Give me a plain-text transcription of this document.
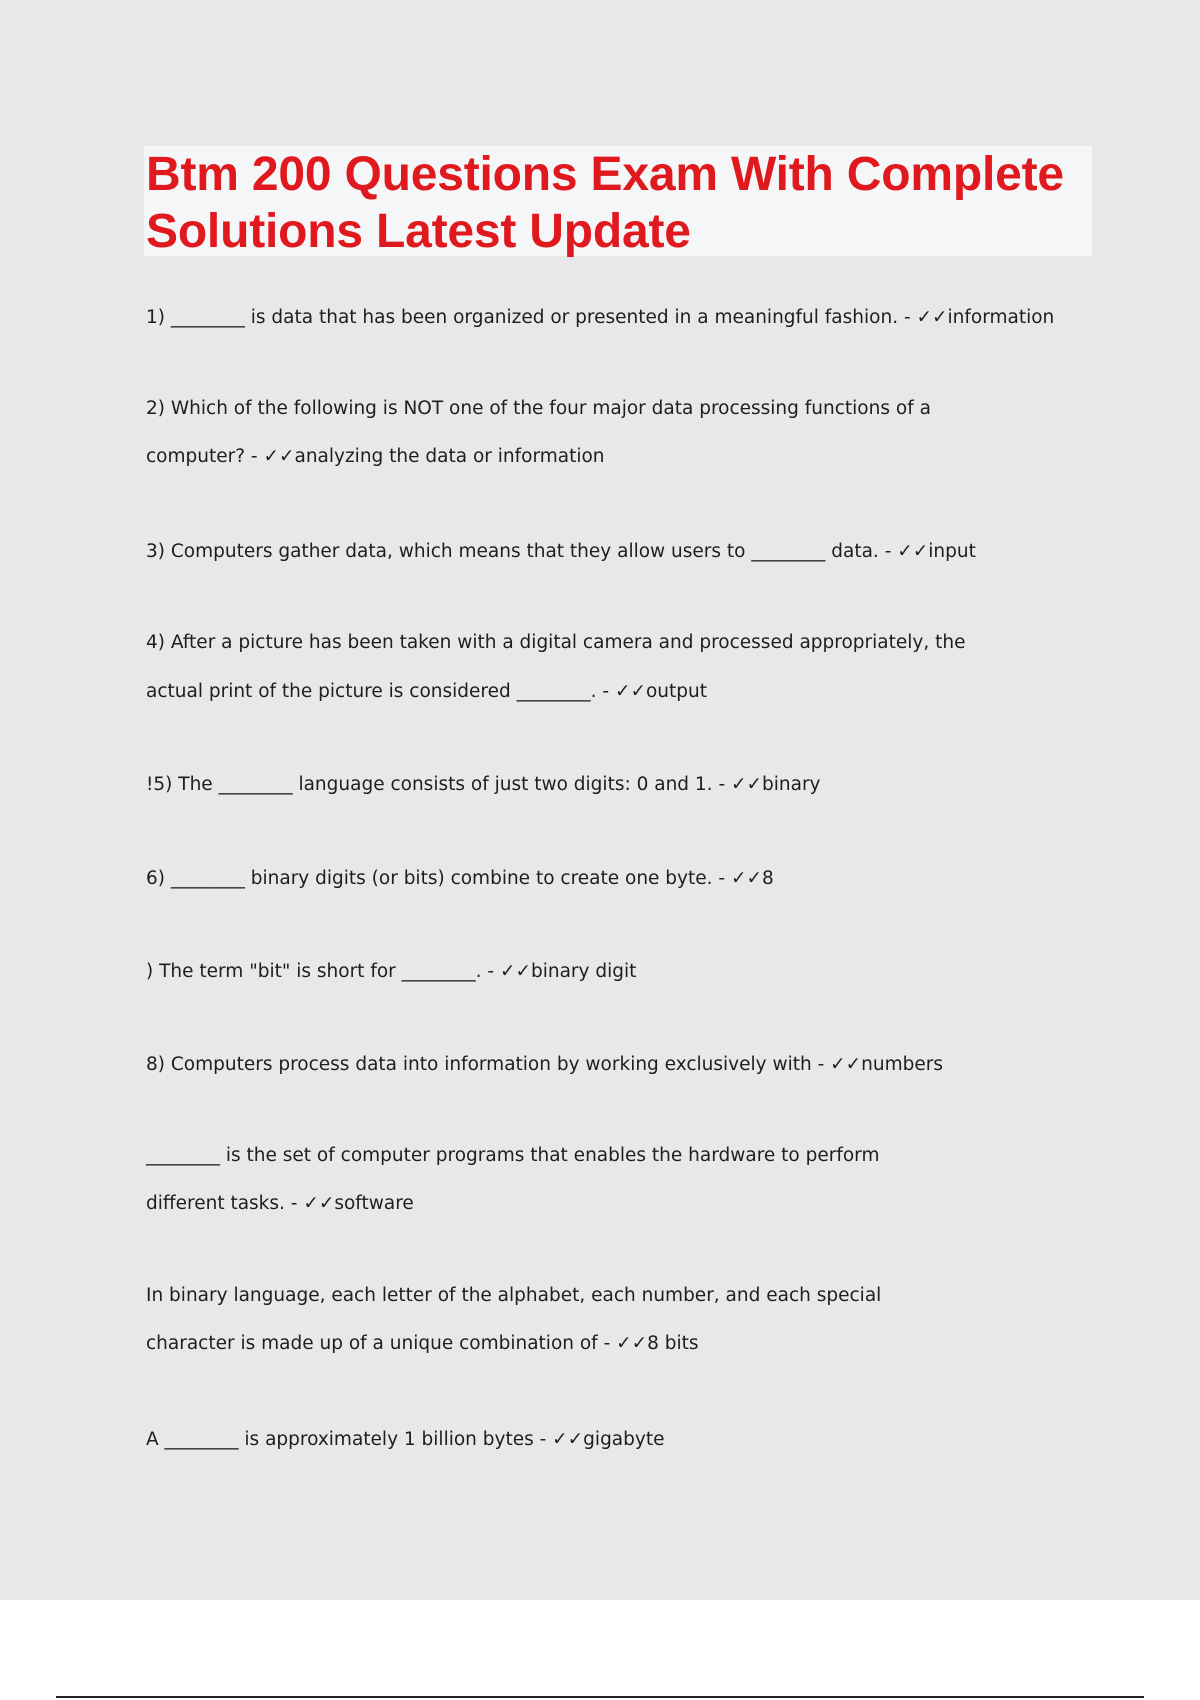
Btm 200 Questions Exam With Complete
Solutions Latest Update

1) ________ is data that has been organized or presented in a meaningful fashion. - ✓✓information

2) Which of the following is NOT one of the four major data processing functions of a

computer? - ✓✓analyzing the data or information

3) Computers gather data, which means that they allow users to ________ data. - ✓✓input

4) After a picture has been taken with a digital camera and processed appropriately, the

actual print of the picture is considered ________. - ✓✓output

!5) The ________ language consists of just two digits: 0 and 1. - ✓✓binary

6) ________ binary digits (or bits) combine to create one byte. - ✓✓8

) The term "bit" is short for ________. - ✓✓binary digit

8) Computers process data into information by working exclusively with - ✓✓numbers

________ is the set of computer programs that enables the hardware to perform

different tasks. - ✓✓software

In binary language, each letter of the alphabet, each number, and each special

character is made up of a unique combination of - ✓✓8 bits

A ________ is approximately 1 billion bytes - ✓✓gigabyte
